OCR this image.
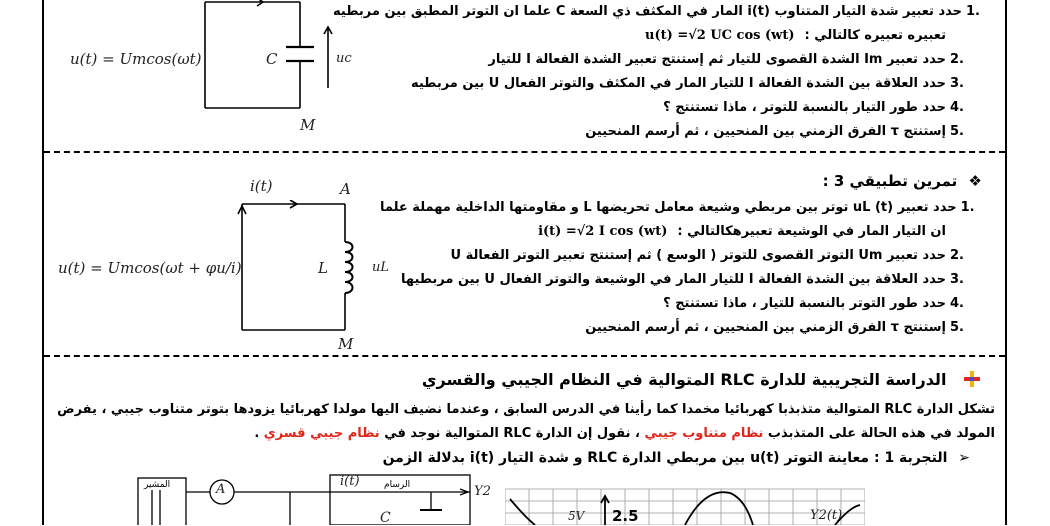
u(t) = Umcos(ωt)	C	uc
M
1.
حدد تعبير شدة التيار المتناوب i(t) المار في المكثف ذي السعة C علما ان التوتر المطبق بين مربطيه
تعبيره تعبيره كالتالي :
u(t) =√2 UC cos (wt)
2.
حدد تعبير Im الشدة القصوى للتيار ثم إستنتج تعبير الشدة الفعالة I للتيار
3.
حدد العلاقة بين الشدة الفعالة I للتيار المار في المكثف والتوتر الفعال U بين مربطيه
4.
حدد طور التيار بالنسبة للتوتر ، ماذا تستنتج ؟
5.
إستنتج τ الفرق الزمني بين المنحيين ، ثم أرسم المنحيين
❖ تمرين تطبيقي 3 :
i(t)	A
u(t) = Umcos(ωt + φu/i)	L	uL
M
1.
حدد تعبير uL (t) توتر بين مربطي وشيعة معامل تحريضها L و مقاومتها الداخلية مهملة علما
ان التيار المار في الوشيعة تعبيرهكالتالي :
i(t) =√2 I cos (wt)
2.
حدد تعبير Um التوتر القصوى للتوتر ( الوسع ) ثم إستنتج تعبير التوتر الفعالة U
3.
حدد العلاقة بين الشدة الفعالة I للتيار المار في الوشيعة والتوتر الفعال U بين مربطيها
4.
حدد طور التوتر بالنسبة للتيار ، ماذا تستنتج ؟
5.
إستنتج τ الفرق الزمني بين المنحيين ، ثم أرسم المنحيين
الدراسة التجريبية للدارة RLC المتوالية في النظام الجيبي والقسري
تشكل الدارة RLC المتوالية متذبذبا كهربائيا مخمدا كما رأينا في الدرس السابق ، وعندما نضيف اليها مولدا كهربائيا يزودها بتوتر متناوب جيبي ، يفرض
المولد في هذه الحالة على المتذبذب نظام متناوب جيبي ، نقول إن الدارة RLC المتوالية نوجد في نظام جيبي قسري .
➢ التجربة 1 : معاينة التوتر u(t) بين مربطي الدارة RLC و شدة التيار i(t) بدلالة الزمن
المشير	A
i(t)	الرسام	Y2
C	5V 2.5	Y2(t)
